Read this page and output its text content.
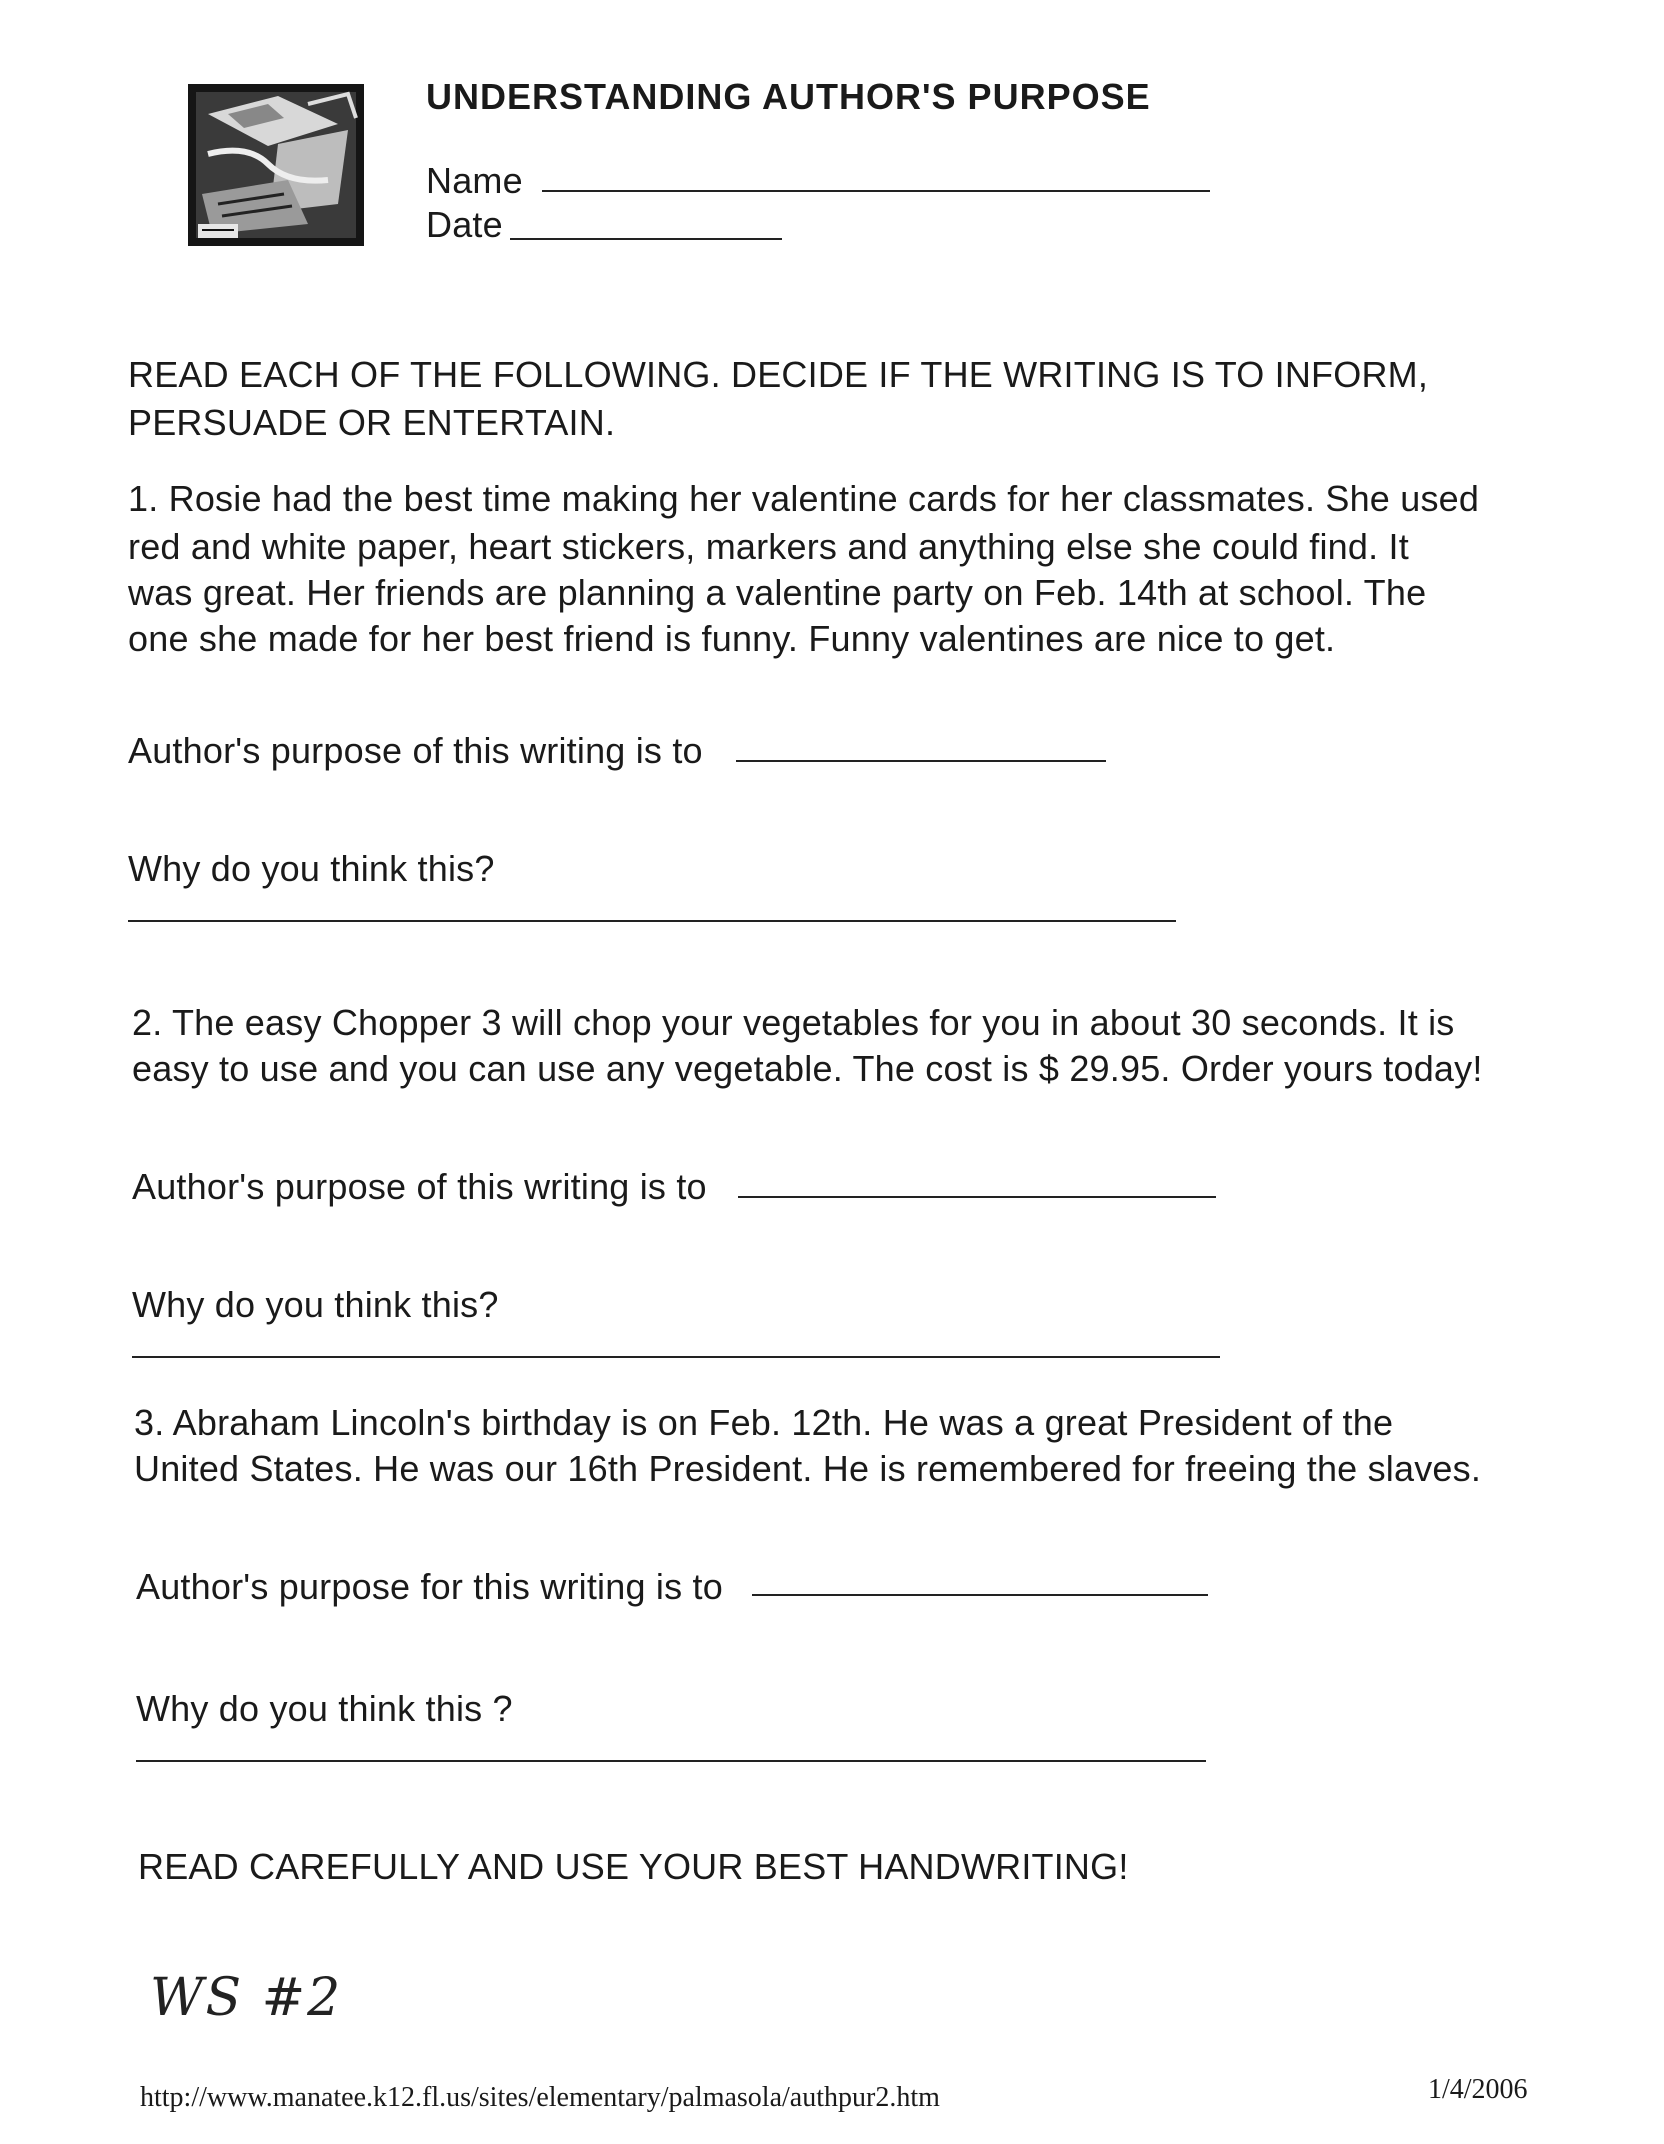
UNDERSTANDING AUTHOR'S PURPOSE
Name
Date
READ EACH OF THE FOLLOWING. DECIDE IF THE WRITING IS TO INFORM,
PERSUADE OR ENTERTAIN.
1. Rosie had the best time making her valentine cards for her classmates. She used
red and white paper, heart stickers, markers and anything else she could find. It
was great. Her friends are planning a valentine party on Feb. 14th at school. The
one she made for her best friend is funny. Funny valentines are nice to get.
Author's purpose of this writing is to
Why do you think this?
2. The easy Chopper 3 will chop your vegetables for you in about 30 seconds. It is
easy to use and you can use any vegetable. The cost is $ 29.95. Order yours today!
Author's purpose of this writing is to
Why do you think this?
3. Abraham Lincoln's birthday is on Feb. 12th. He was a great President of the
United States. He was our 16th President. He is remembered for freeing the slaves.
Author's purpose for this writing is to
Why do you think this ?
READ CAREFULLY AND USE YOUR BEST HANDWRITING!
WS #2
http://www.manatee.k12.fl.us/sites/elementary/palmasola/authpur2.htm	1/4/2006
